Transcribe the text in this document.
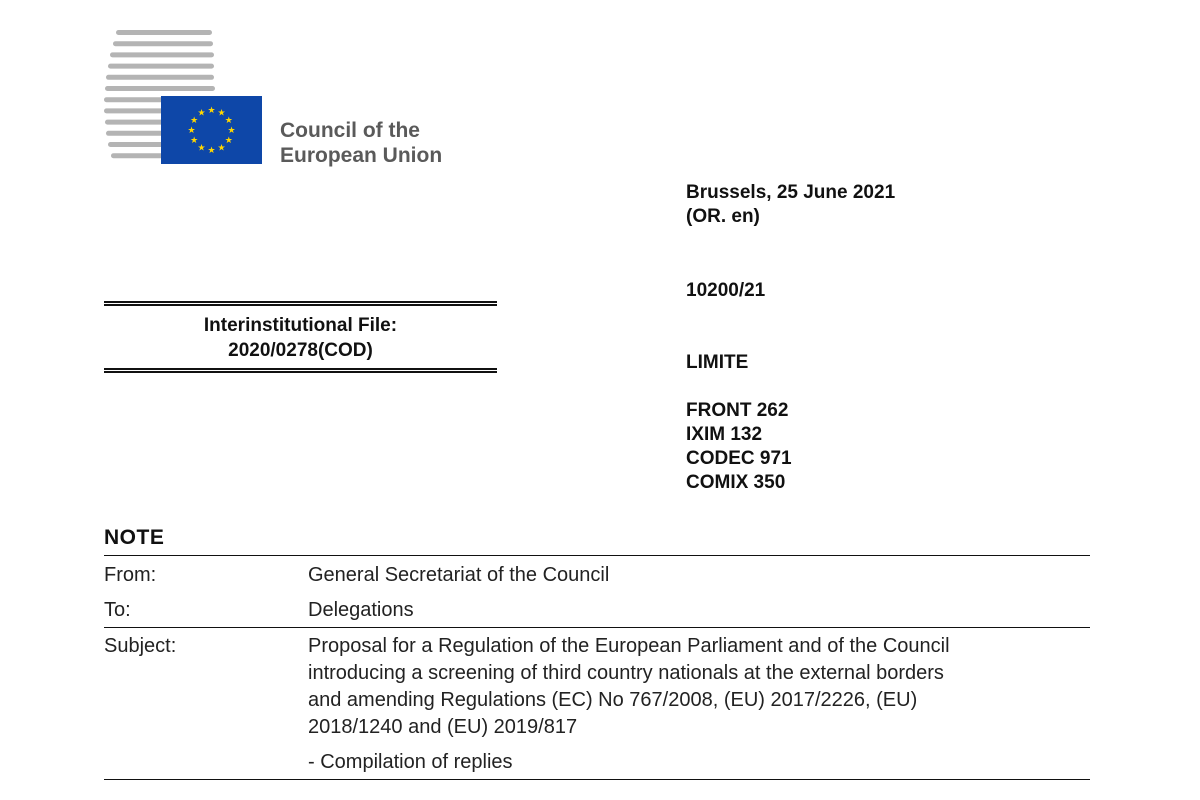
★ ★
★
★
★
★
★
★
★
★
★
★
Council of the
European Union
Brussels, 25 June 2021
(OR. en)
10200/21
LIMITE
FRONT 262
IXIM 132
CODEC 971
COMIX 350
Interinstitutional File:
2020/0278(COD)
NOTE
From:	General Secretariat of the Council
To:	Delegations
Subject:	Proposal for a Regulation of the European Parliament and of the Council
introducing a screening of third country nationals at the external borders
and amending Regulations (EC) No 767/2008, (EU) 2017/2226, (EU)
2018/1240 and (EU) 2019/817
- Compilation of replies
